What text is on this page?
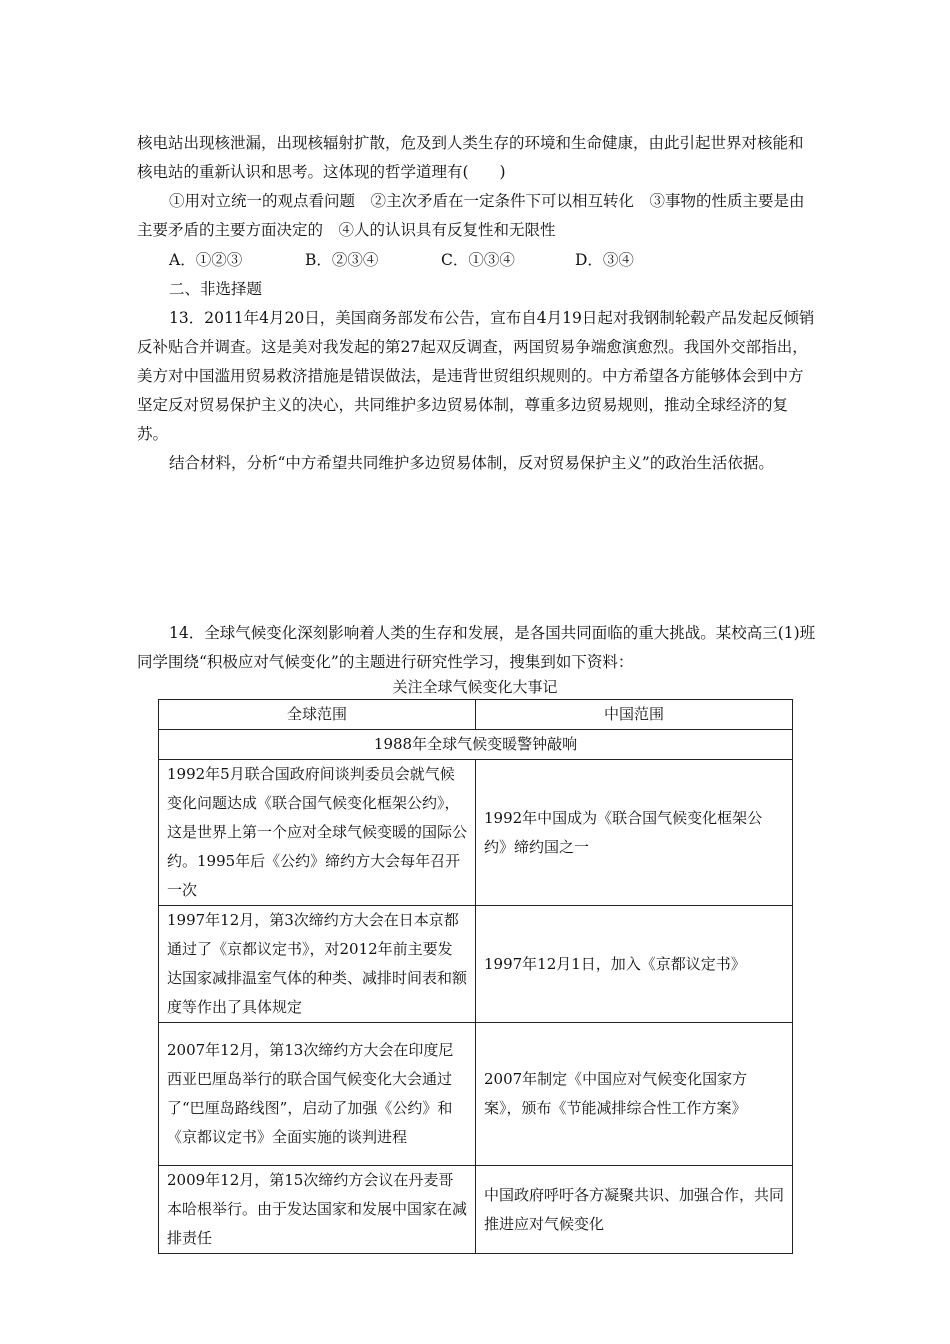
核电站出现核泄漏，出现核辐射扩散，危及到人类生存的环境和生命健康，由此引起世界对核能和核电站的重新认识和思考。这体现的哲学道理有(　　)

①用对立统一的观点看问题　②主次矛盾在一定条件下可以相互转化　③事物的性质主要是由主要矛盾的主要方面决定的　④人的认识具有反复性和无限性

A．①②③	B．②③④	C．①③④	D．③④

二、非选择题

13．2011年4月20日，美国商务部发布公告，宣布自4月19日起对我钢制轮毂产品发起反倾销反补贴合并调查。这是美对我发起的第27起双反调查，两国贸易争端愈演愈烈。我国外交部指出，美方对中国滥用贸易救济措施是错误做法，是违背世贸组织规则的。中方希望各方能够体会到中方坚定反对贸易保护主义的决心，共同维护多边贸易体制，尊重多边贸易规则，推动全球经济的复苏。

结合材料，分析“中方希望共同维护多边贸易体制，反对贸易保护主义”的政治生活依据。

14．全球气候变化深刻影响着人类的生存和发展，是各国共同面临的重大挑战。某校高三(1)班同学围绕“积极应对气候变化”的主题进行研究性学习，搜集到如下资料：

关注全球气候变化大事记
全球范围	中国范围
1988年全球气候变暖警钟敲响	
1992年5月联合国政府间谈判委员会就气候变化问题达成《联合国气候变化框架公约》，这是世界上第一个应对全球气候变暖的国际公约。1995年后《公约》缔约方大会每年召开一次	1992年中国成为《联合国气候变化框架公约》缔约国之一
1997年12月，第3次缔约方大会在日本京都通过了《京都议定书》，对2012年前主要发达国家减排温室气体的种类、减排时间表和额度等作出了具体规定	1997年12月1日，加入《京都议定书》
2007年12月，第13次缔约方大会在印度尼西亚巴厘岛举行的联合国气候变化大会通过了“巴厘岛路线图”，启动了加强《公约》和《京都议定书》全面实施的谈判进程	2007年制定《中国应对气候变化国家方案》，颁布《节能减排综合性工作方案》
2009年12月，第15次缔约方会议在丹麦哥本哈根举行。由于发达国家和发展中国家在减排责任	中国政府呼吁各方凝聚共识、加强合作，共同推进应对气候变化
